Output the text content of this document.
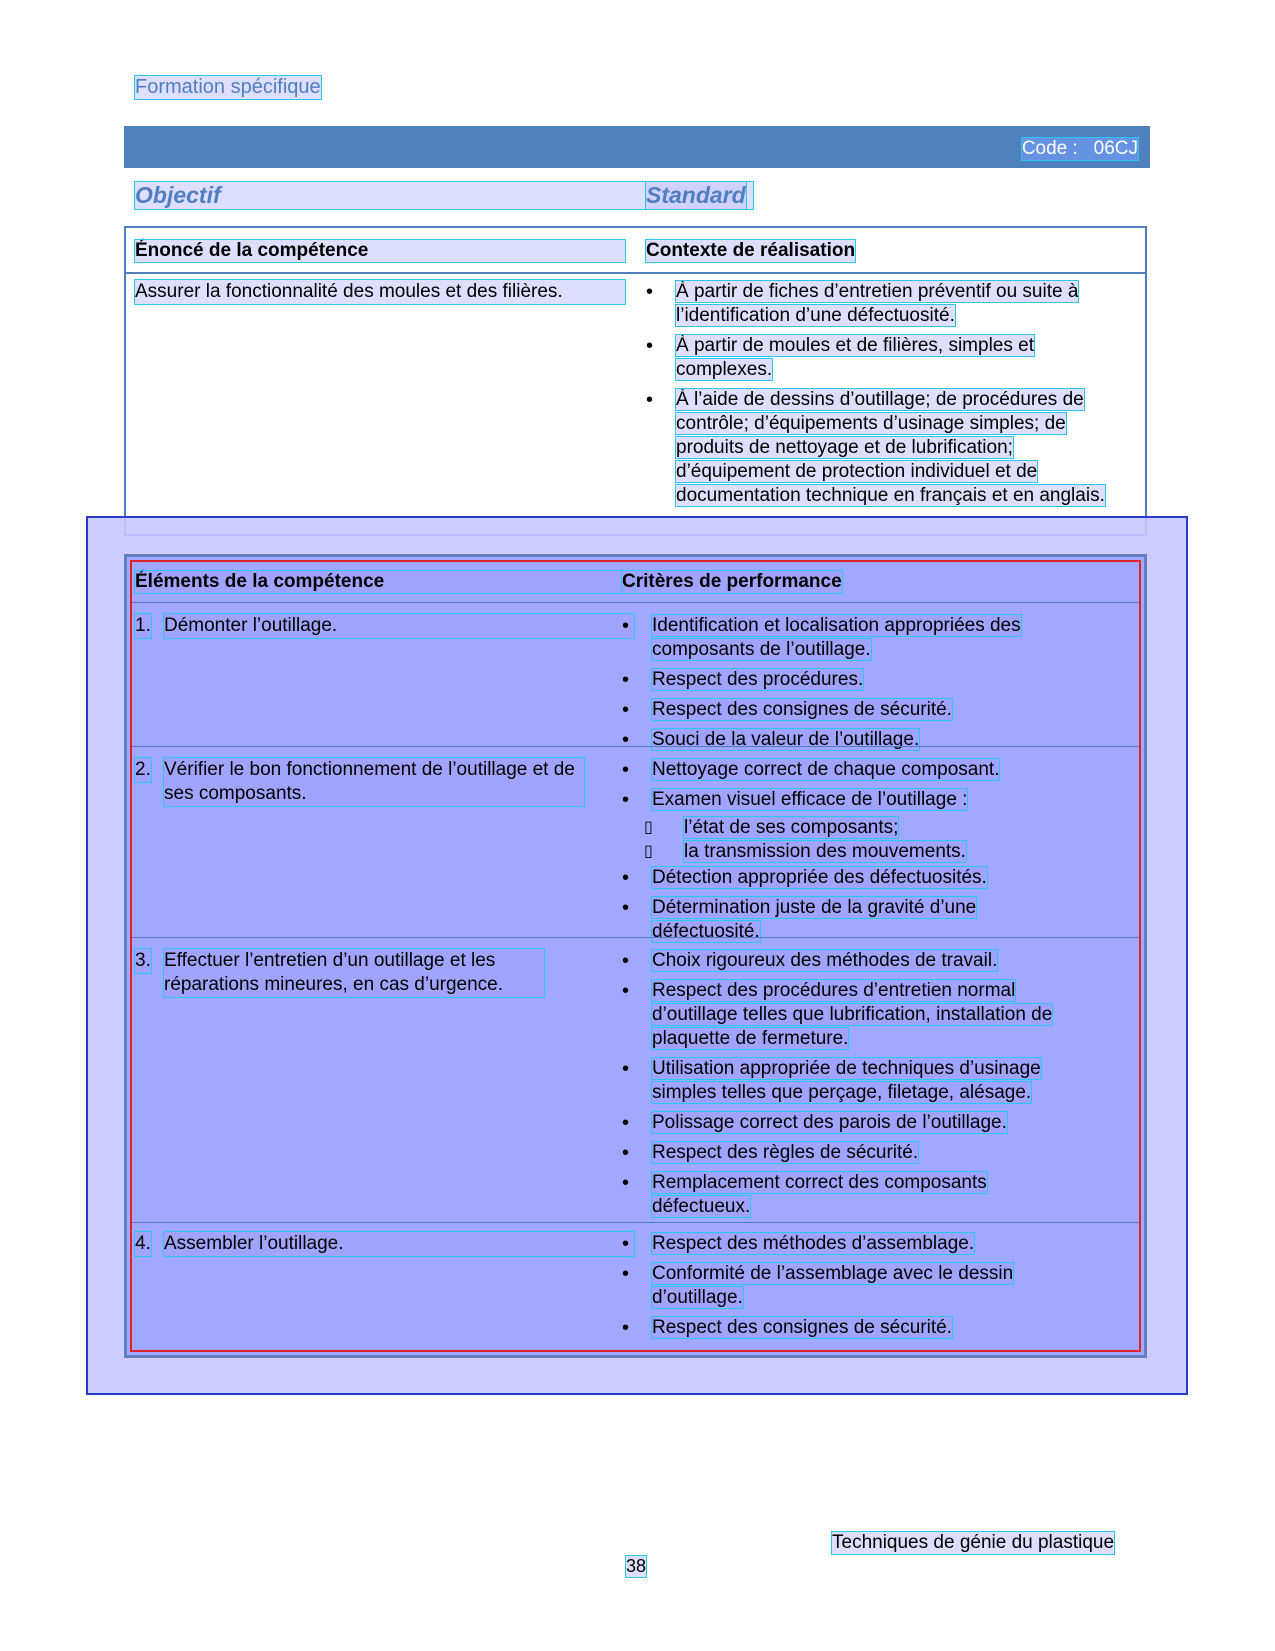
Formation spécifique
Code :   06CJ
Objectif	Standard
Énoncé de la compétence	Contexte de réalisation
Assurer la fonctionnalité des moules et des filières.	• À partir de fiches d’entretien préventif ou suite à l’identification d’une défectuosité.
• À partir de moules et de filières, simples et complexes.
• À l’aide de dessins d’outillage; de procédures de contrôle; d’équipements d’usinage simples; de produits de nettoyage et de lubrification; d’équipement de protection individuel et de documentation technique en français et en anglais.
Éléments de la compétence	Critères de performance
1. Démonter l’outillage.	• Identification et localisation appropriées des composants de l’outillage.
• Respect des procédures.
• Respect des consignes de sécurité.
• Souci de la valeur de l’outillage.
2. Vérifier le bon fonctionnement de l’outillage et de ses composants.
• Nettoyage correct de chaque composant.
• Examen visuel efficace de l’outillage :
▯ l’état de ses composants;
▯ la transmission des mouvements.
• Détection appropriée des défectuosités.
• Détermination juste de la gravité d’une défectuosité.
3. Effectuer l’entretien d’un outillage et les réparations mineures, en cas d’urgence.
• Choix rigoureux des méthodes de travail.
• Respect des procédures d’entretien normal d’outillage telles que lubrification, installation de plaquette de fermeture.
• Utilisation appropriée de techniques d’usinage simples telles que perçage, filetage, alésage.
• Polissage correct des parois de l’outillage.
• Respect des règles de sécurité.
• Remplacement correct des composants défectueux.
4. Assembler l’outillage.	• Respect des méthodes d’assemblage.
• Conformité de l’assemblage avec le dessin d’outillage.
• Respect des consignes de sécurité.
Techniques de génie du plastique
38
